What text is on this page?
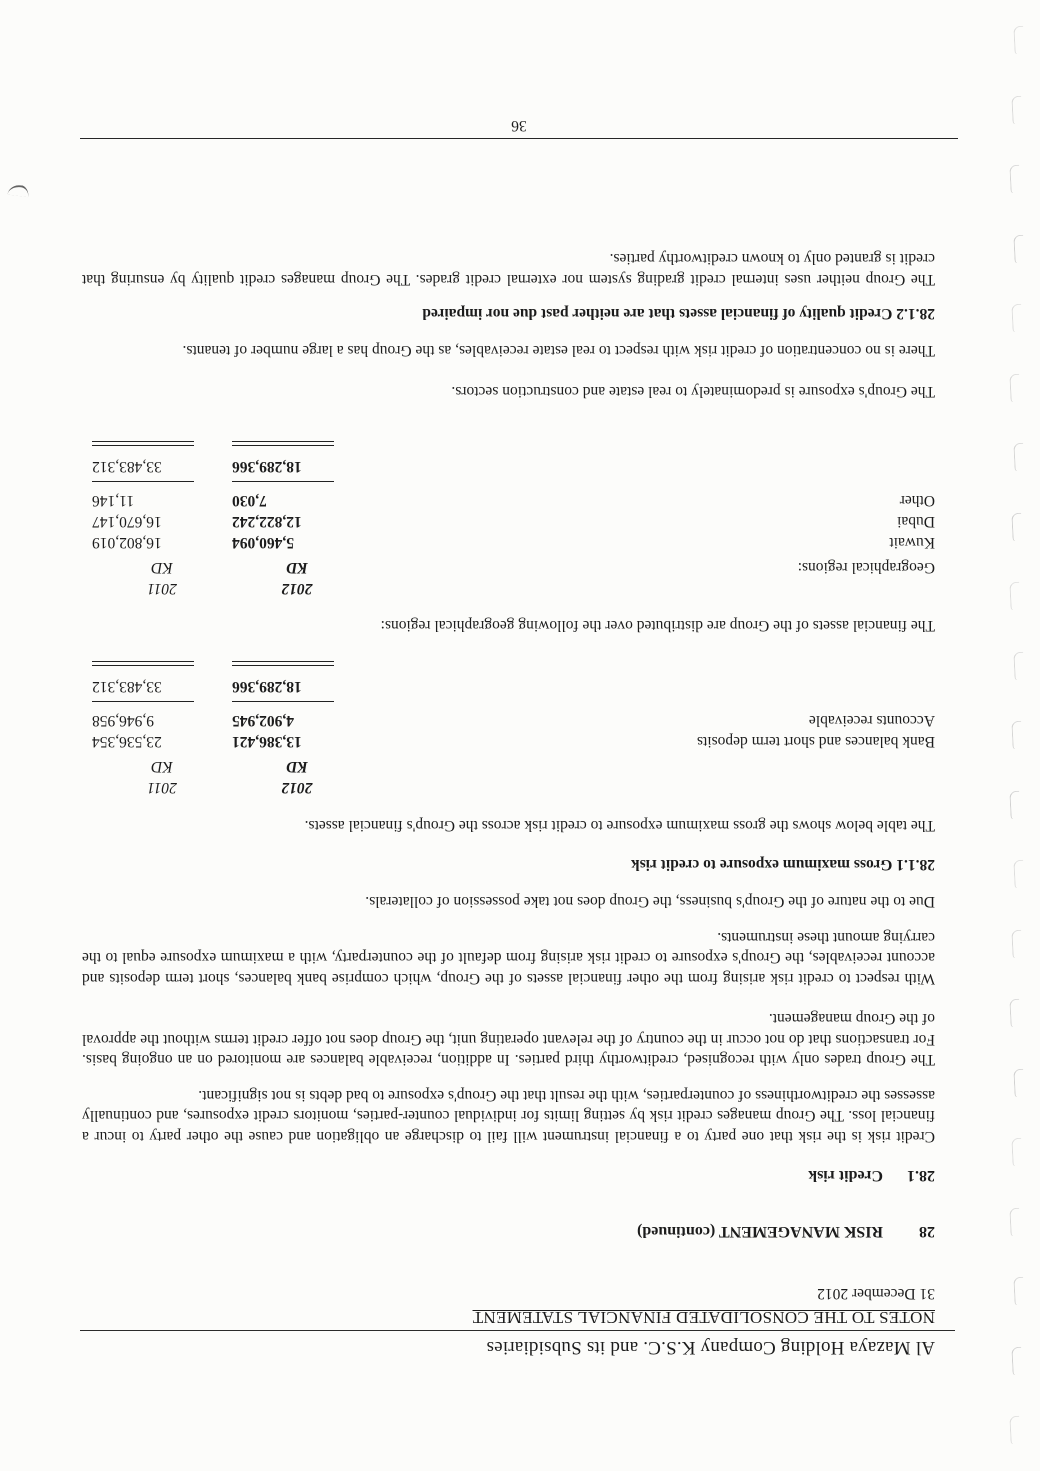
Al Mazaya Holding Company K.S.C. and its Subsidiaries
NOTES TO THE CONSOLIDATED FINANCIAL STATEMENT
31 December 2012
28
RISK MANAGEMENT (continued)
28.1
Credit risk
Credit risk is the risk that one party to a financial instrument will fail to discharge an obligation and cause the other party to incur a financial loss. The Group manages credit risk by setting limits for individual counter-parties, monitors credit exposures, and continually assesses the creditworthiness of counterparties, with the result that the Group's exposure to bad debts is not significant.
The Group trades only with recognised, creditworthy third parties. In addition, receivable balances are monitored on an ongoing basis. For transactions that do not occur in the country of the relevant operating unit, the Group does not offer credit terms without the approval of the Group management.
With respect to credit risk arising from the other financial assets of the Group, which comprise bank balances, short term deposits and account receivables, the Group's exposure to credit risk arising from default of the counterparty, with a maximum exposure equal to the carrying amount these instruments.
Due to the nature of the Group's business, the Group does not take possession of collaterals.
28.1.1 Gross maximum exposure to credit risk
The table below shows the gross maximum exposure to credit risk across the Group's financial assets.
2012
2011
KD
KD
Bank balances and short term deposits
13,386,421
23,536,354
Accounts receivable
4,902,945
9,946,958
18,289,366
33,483,312
The financial assets of the Group are distributed over the following geographical regions:
2012
2011
Geographical regions:
KD
KD
Kuwait
5,460,094
16,802,019
Dubai
12,822,242
16,670,147
Other
7,030
11,146
18,289,366
33,483,312
The Group's exposure is predominately to real estate and construction sectors.
There is no concentration of credit risk with respect to real estate receivables, as the Group has a large number of tenants.
28.1.2 Credit quality of financial assets that are neither past due nor impaired
The Group neither uses internal credit grading system nor external credit grades. The Group manages credit quality by ensuring that credit is granted only to known creditworthy parties.
36
